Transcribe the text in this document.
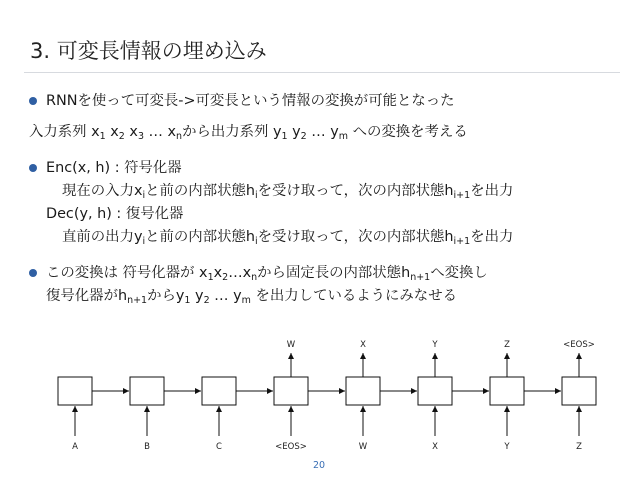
3. 可変長情報の埋め込み
RNNを使って可変長->可変長という情報の変換が可能となった
入力系列 $x_1$ $x_2$ $x_3$ … $x_n$から出力系列 $y_1$ $y_2$ … $y_m$ への変換を考える
Enc(x, h) : 符号化器
現在の入力$x_i$と前の内部状態$h_i$を受け取って，次の内部状態$h_{i+1}$を出力
Dec(y, h) : 復号化器
直前の出力$y_i$と前の内部状態$h_i$を受け取って，次の内部状態$h_{i+1}$を出力
この変換は 符号化器が $x_1x_2\dots x_n$から固定長の内部状態$h_{n+1}$へ変換し
復号化器が$h_{n+1}$から$y_1$ $y_2$ … $y_m$ を出力しているようにみなせる
A	B	C	<EOS>	W	X	Y	Z
W	X	Y	Z	<EOS>
20
